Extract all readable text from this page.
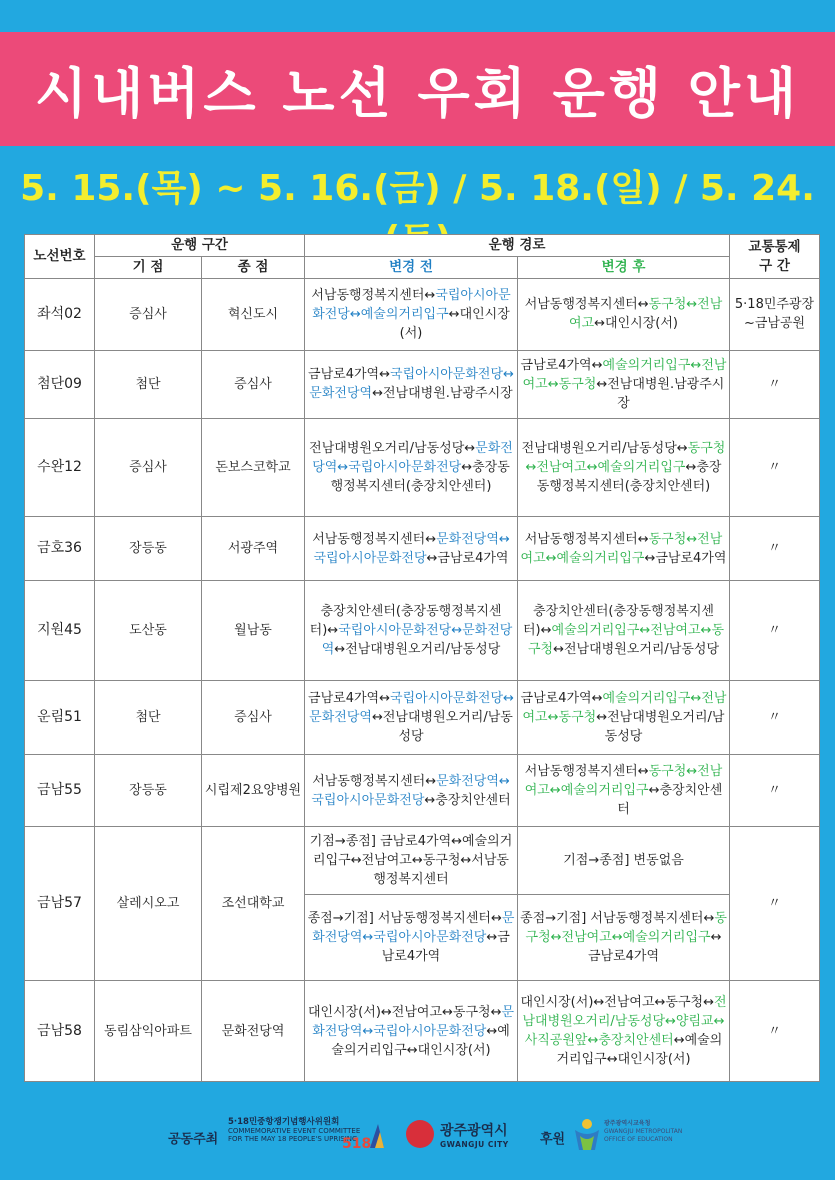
시내버스 노선 우회 운행 안내
5. 15.(목) ~ 5. 16.(금) / 5. 18.(일) / 5. 24.
노선번호	운행 구간		운행 경로		교통통제
구 간
	기 점	종 점	변경 전	변경 후	
좌석02	증심사	혁신도시	서남동행정복지센터↔국립아시아문화전당↔예술의거리입구↔대인시장(서)	서남동행정복지센터↔동구청↔전남여고↔대인시장(서)	5·18민주광장~금남공원
첨단09	첨단	증심사	금남로4가역↔국립아시아문화전당↔문화전당역↔전남대병원.남광주시장	금남로4가역↔예술의거리입구↔전남여고↔동구청↔전남대병원.남광주시장	〃
수완12	증심사	돈보스코학교	전남대병원오거리/남동성당↔문화전당역↔국립아시아문화전당↔충장동행정복지센터(충장치안센터)	전남대병원오거리/남동성당↔동구청↔전남여고↔예술의거리입구↔충장동행정복지센터(충장치안센터)	〃
금호36	장등동	서광주역	서남동행정복지센터↔문화전당역↔국립아시아문화전당↔금남로4가역	서남동행정복지센터↔동구청↔전남여고↔예술의거리입구↔금남로4가역	〃
지원45	도산동	월남동	충장치안센터(충장동행정복지센터)↔국립아시아문화전당↔문화전당역↔전남대병원오거리/남동성당	충장치안센터(충장동행정복지센터)↔예술의거리입구↔전남여고↔동구청↔전남대병원오거리/남동성당	〃
운림51	첨단	증심사	금남로4가역↔국립아시아문화전당↔문화전당역↔전남대병원오거리/남동성당	금남로4가역↔예술의거리입구↔전남여고↔동구청↔전남대병원오거리/남동성당	〃
금남55	장등동	시립제2요양병원	서남동행정복지센터↔문화전당역↔국립아시아문화전당↔충장치안센터	서남동행정복지센터↔동구청↔전남여고↔예술의거리입구↔충장치안센터	〃
금남57	살레시오고	조선대학교	기점→종점] 금남로4가역↔예술의거리입구↔전남여고↔동구청↔서남동행정복지센터	기점→종점] 변동없음	〃
			종점→기점] 서남동행정복지센터↔문화전당역↔국립아시아문화전당↔금남로4가역	종점→기점] 서남동행정복지센터↔동구청↔전남여고↔예술의거리입구↔금남로4가역	
금남58	동림삼익아파트	문화전당역	대인시장(서)↔전남여고↔동구청↔문화전당역↔국립아시아문화전당↔예술의거리입구↔대인시장(서)	대인시장(서)↔전남여고↔동구청↔전남대병원오거리/남동성당↔양림교↔사직공원앞↔충장치안센터↔예술의거리입구↔대인시장(서)	〃
공동주최
5·18민중항쟁기념행사위원회
COMMEMORATIVE EVENT COMMITTEE
FOR THE MAY 18 PEOPLE'S UPRISING
518
광주광역시
GWANGJU CITY 후원
광주광역시교육청
GWANGJU METROPOLITAN OFFICE OF EDUCATION
